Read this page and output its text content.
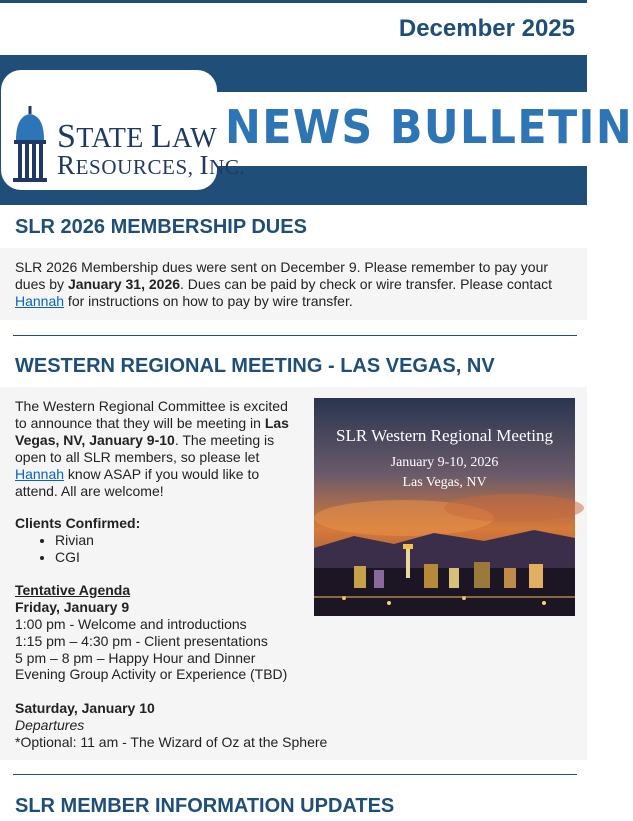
December 2025
NEWS BULLETIN
STATE LAW
RESOURCES, INC.
SLR 2026 MEMBERSHIP DUES
SLR 2026 Membership dues were sent on December 9. Please remember to pay your dues by January 31, 2026. Dues can be paid by check or wire transfer. Please contact Hannah for instructions on how to pay by wire transfer.
WESTERN REGIONAL MEETING - LAS VEGAS, NV
The Western Regional Committee is excited to announce that they will be meeting in Las Vegas, NV, January 9-10. The meeting is open to all SLR members, so please let Hannah know ASAP if you would like to attend. All are welcome!
Clients Confirmed:
• Rivian
• CGI
Tentative Agenda
Friday, January 9
1:00 pm - Welcome and introductions
1:15 pm – 4:30 pm - Client presentations
5 pm – 8 pm – Happy Hour and Dinner
Evening Group Activity or Experience (TBD)
Saturday, January 10
Departures
*Optional: 11 am - The Wizard of Oz at the Sphere
SLR Western Regional Meeting
January 9-10, 2026
Las Vegas, NV
SLR MEMBER INFORMATION UPDATES
